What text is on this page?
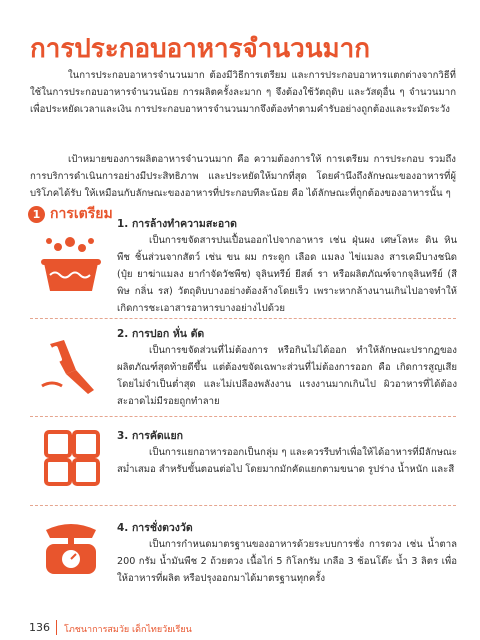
การประกอบอาหารจำนวนมาก
ในการประกอบอาหารจำนวนมาก ต้องมีวิธีการเตรียม และการประกอบอาหารแตกต่างจากวิธีที่ใช้ในการประกอบอาหารจำนวนน้อย การผลิตครั้งละมาก ๆ จึงต้องใช้วัตถุดิบ และวัสดุอื่น ๆ จำนวนมาก เพื่อประหยัดเวลาและเงิน การประกอบอาหารจำนวนมากจึงต้องทำตามคำรับอย่างถูกต้องและระมัดระวัง
เป้าหมายของการผลิตอาหารจำนวนมาก คือ ความต้องการให้ การเตรียม การประกอบ รวมถึงการบริการดำเนินการอย่างมีประสิทธิภาพ และประหยัดให้มากที่สุด โดยคำนึงถึงลักษณะของอาหารที่ผู้บริโภคได้รับ ให้เหมือนกับลักษณะของอาหารที่ประกอบทีละน้อย คือ ได้ลักษณะที่ถูกต้องของอาหารนั้น ๆ
1 การเตรียม
1. การล้างทำความสะอาด
เป็นการขจัดสารปนเปื้อนออกไปจากอาหาร เช่น ฝุ่นผง เศษโลหะ ดิน หิน พืช ชิ้นส่วนจากสัตว์ เช่น ขน ผม กระดูก เลือด แมลง ไข่แมลง สารเคมีบางชนิด (ปุ๋ย ยาฆ่าแมลง ยากำจัดวัชพืช) จุลินทรีย์ ยีสต์ รา หรือผลิตภัณฑ์จากจุลินทรีย์ (สี พิษ กลิ่น รส) วัตถุดิบบางอย่างต้องล้างโดยเร็ว เพราะหากล้างนานเกินไปอาจทำให้เกิดการชะเอาสารอาหารบางอย่างไปด้วย
2. การปอก หั่น ตัด
เป็นการขจัดส่วนที่ไม่ต้องการ หรือกินไม่ได้ออก ทำให้ลักษณะปรากฏของผลิตภัณฑ์สุดท้ายดีขึ้น แต่ต้องขจัดเฉพาะส่วนที่ไม่ต้องการออก คือ เกิดการสูญเสียโดยไม่จำเป็นต่ำสุด และไม่เปลืองพลังงาน แรงงานมากเกินไป ผิวอาหารที่ได้ต้องสะอาดไม่มีรอยถูกทำลาย
3. การคัดแยก
เป็นการแยกอาหารออกเป็นกลุ่ม ๆ และควรรีบทำเพื่อให้ได้อาหารที่มีลักษณะสม่ำเสมอ สำหรับขั้นตอนต่อไป โดยมากมักคัดแยกตามขนาด รูปร่าง น้ำหนัก และสี
4. การชั่งตวงวัด
เป็นการกำหนดมาตรฐานของอาหารด้วยระบบการชั่ง การตวง เช่น น้ำตาล 200 กรัม น้ำมันพืช 2 ถ้วยตวง เนื้อไก่ 5 กิโลกรัม เกลือ 3 ช้อนโต๊ะ น้ำ 3 ลิตร เพื่อให้อาหารที่ผลิต หรือปรุงออกมาได้มาตรฐานทุกครั้ง
136 โภชนาการสมวัย เด็กไทยวัยเรียน
